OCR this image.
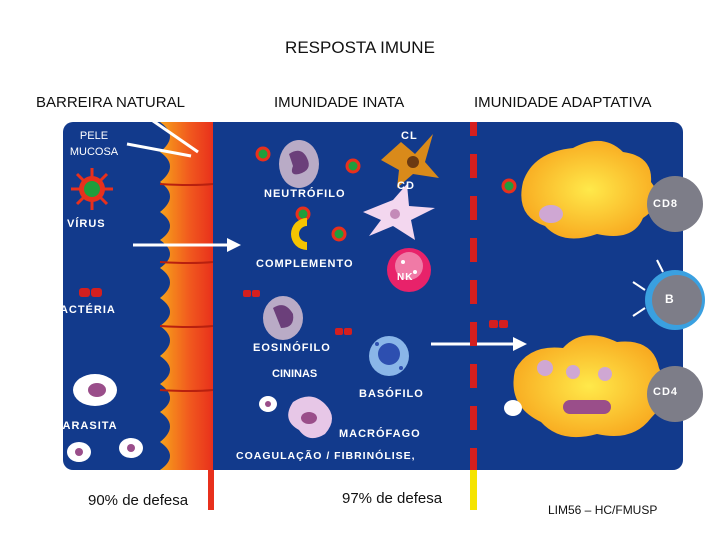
RESPOSTA IMUNE
BARREIRA NATURAL	IMUNIDADE INATA	IMUNIDADE ADAPTATIVA
PELE
MUCOSA
VÍRUS
BACTÉRIA
PARASITA
CL
NEUTRÓFILO
CD
COMPLEMENTO
NK
EOSINÓFILO
CININAS
BASÓFILO
MACRÓFAGO
COAGULAÇÃO / FIBRINÓLISE,
CD8
B
CD4
90% de defesa	97% de defesa
LIM56 – HC/FMUSP
